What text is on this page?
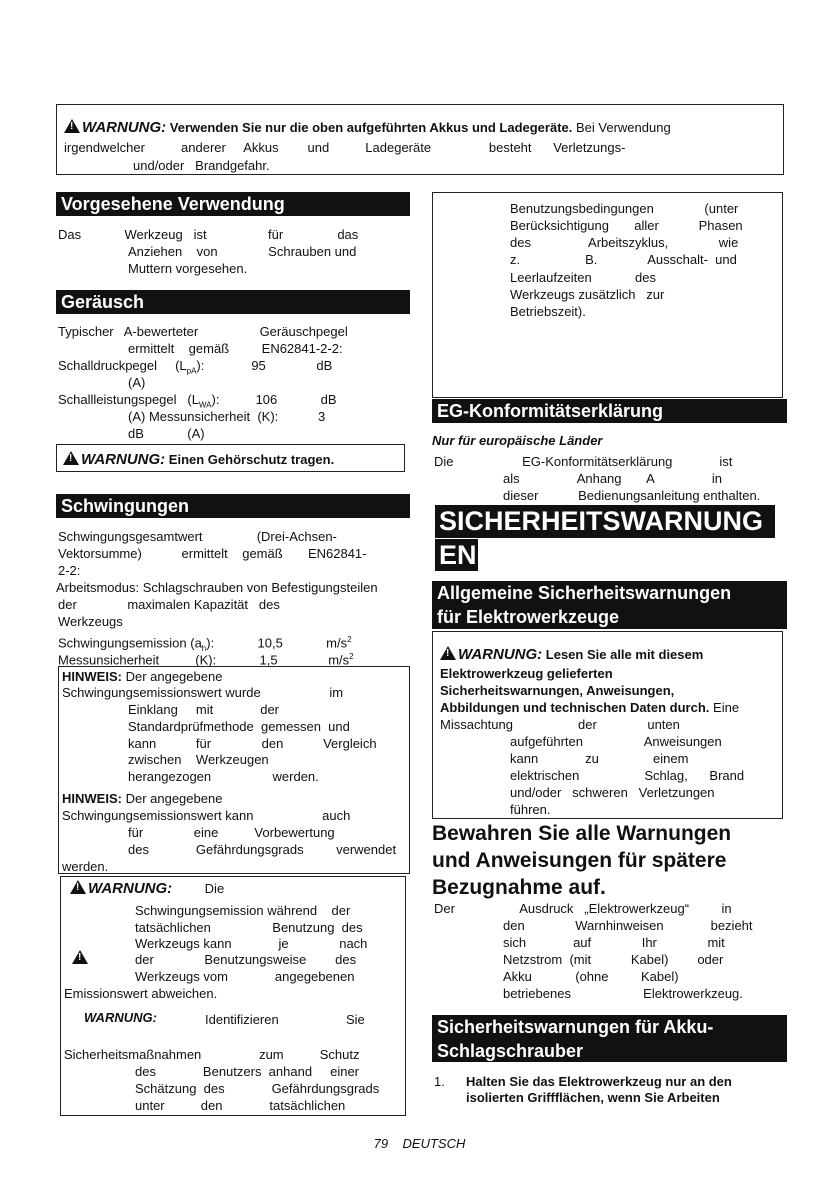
!WARNUNG: Verwenden Sie nur die oben aufgeführten Akkus und Ladegeräte. Bei Verwendung
irgendwelcher          anderer     Akkus        und          Ladegeräte                besteht      Verletzungs-
und/oder   Brandgefahr.
Vorgesehene Verwendung
Das            Werkzeug   ist                 für               das
Anziehen    von              Schrauben und
Muttern vorgesehen.
Geräusch
Typischer   A-bewerteter                 Geräuschpegel
ermittelt    gemäß         EN62841-2-2:
Schalldruckpegel     $(L_{pA})$:             95              dB
(A)
Schallleistungspegel   $(L_{WA})$:          106            dB
(A) Messunsicherheit  (K):           3
dB            (A)
!WARNUNG: Einen Gehörschutz tragen.
Schwingungen
Schwingungsgesamtwert               (Drei-Achsen-
Vektorsumme)           ermittelt    gemäß       EN62841-
2-2:
Arbeitsmodus: Schlagschrauben von Befestigungsteilen
der              maximalen Kapazität   des
Werkzeugs
Schwingungsemission $(a_h)$:            10,5            $m/s^2$
Messunsicherheit          (K):            1,5              $m/s^2$
HINWEIS: Der angegebene
Schwingungsemissionswert wurde                   im
Einklang     mit             der
Standardprüfmethode  gemessen  und
kann           für              den           Vergleich
zwischen    Werkzeugen
herangezogen                 werden.
HINWEIS: Der angegebene
Schwingungsemissionswert kann                   auch
für              eine          Vorbewertung
des             Gefährdungsgrads         verwendet
werden.
!WARNUNG:	Die
Schwingungsemission während    der
tatsächlichen                 Benutzung  des
Werkzeugs kann             je              nach
!
der              Benutzungsweise        des
Werkzeugs vom             angegebenen
Emissionswert abweichen.
WARNUNG:	Identifizieren	Sie
Sicherheitsmaßnahmen                zum          Schutz
des             Benutzers  anhand     einer
Schätzung  des             Gefährdungsgrads
unter          den             tatsächlichen
Benutzungsbedingungen              (unter
Berücksichtigung       aller           Phasen
des                Arbeitszyklus,              wie
z.                  B.              Ausschalt-  und
Leerlaufzeiten            des
Werkzeugs zusätzlich   zur
Betriebszeit).
EG-Konformitätserklärung
Nur für europäische Länder
Die                   EG-Konformitätserklärung             ist
als                Anhang       A                in
dieser           Bedienungsanleitung enthalten.
SICHERHEITSWARNUNG
EN
Allgemeine Sicherheitswarnungen
für Elektrowerkzeuge
!WARNUNG: Lesen Sie alle mit diesem
Elektrowerkzeug gelieferten
Sicherheitswarnungen, Anweisungen,
Abbildungen und technischen Daten durch. Eine
Missachtung                  der              unten
aufgeführten                 Anweisungen
kann             zu               einem
elektrischen                  Schlag,      Brand
und/oder   schweren   Verletzungen
führen.
Bewahren Sie alle Warnungen
und Anweisungen für spätere
Bezugnahme auf.
Der                  Ausdruck   „Elektrowerkzeug“         in
den              Warnhinweisen             bezieht
sich             auf              Ihr              mit
Netzstrom  (mit           Kabel)        oder
Akku            (ohne         Kabel)
betriebenes                    Elektrowerkzeug.
Sicherheitswarnungen für Akku-
Schlagschrauber
1. Halten Sie das Elektrowerkzeug nur an den
isolierten Griffflächen, wenn Sie Arbeiten
79 DEUTSCH
